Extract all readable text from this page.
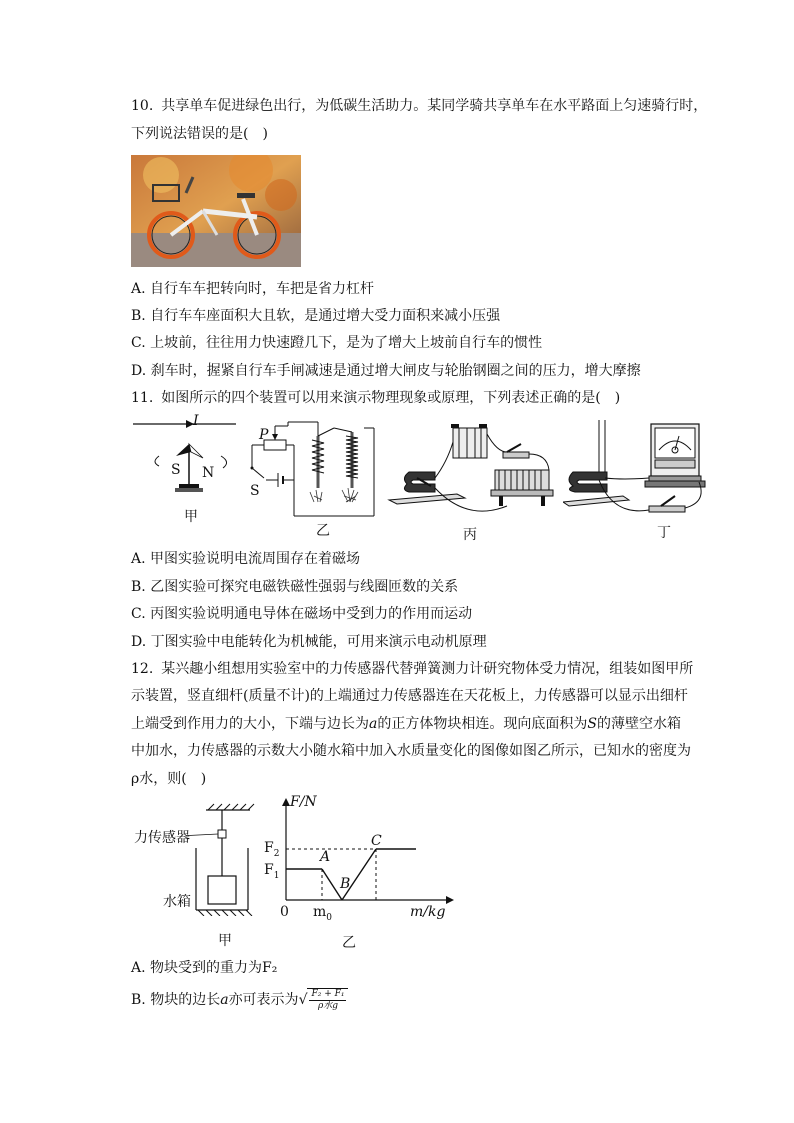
10. 共享单车促进绿色出行，为低碳生活助力。某同学骑共享单车在水平路面上匀速骑行时，
下列说法错误的是(　)
A. 自行车车把转向时，车把是省力杠杆
B. 自行车车座面积大且软，是通过增大受力面积来减小压强
C. 上坡前，往往用力快速蹬几下，是为了增大上坡前自行车的惯性
D. 刹车时，握紧自行车手闸减速是通过增大闸皮与轮胎钢圈之间的压力，增大摩擦
11. 如图所示的四个装置可以用来演示物理现象或原理，下列表述正确的是(　)
I
S N
甲
P
S
乙	丙	丁
A. 甲图实验说明电流周围存在着磁场
B. 乙图实验可探究电磁铁磁性强弱与线圈匝数的关系
C. 丙图实验说明通电导体在磁场中受到力的作用而运动
D. 丁图实验中电能转化为机械能，可用来演示电动机原理
12. 某兴趣小组想用实验室中的力传感器代替弹簧测力计研究物体受力情况，组装如图甲所
示装置，竖直细杆(质量不计)的上端通过力传感器连在天花板上，力传感器可以显示出细杆
上端受到作用力的大小，下端与边长为a的正方体物块相连。现向底面积为S的薄壁空水箱
中加水，力传感器的示数大小随水箱中加入水质量变化的图像如图乙所示，已知水的密度为
ρ水，则(　)
力传感器
水箱
甲
F/N
$F_2$
$F_1$
A
B
C
0 $m_0$	m/kg
乙
A. 物块受到的重力为F₂
B. 物块的边长a亦可表示为√ $\frac{\text{F₂ + F₁}}{\text{ρ水g}}$
